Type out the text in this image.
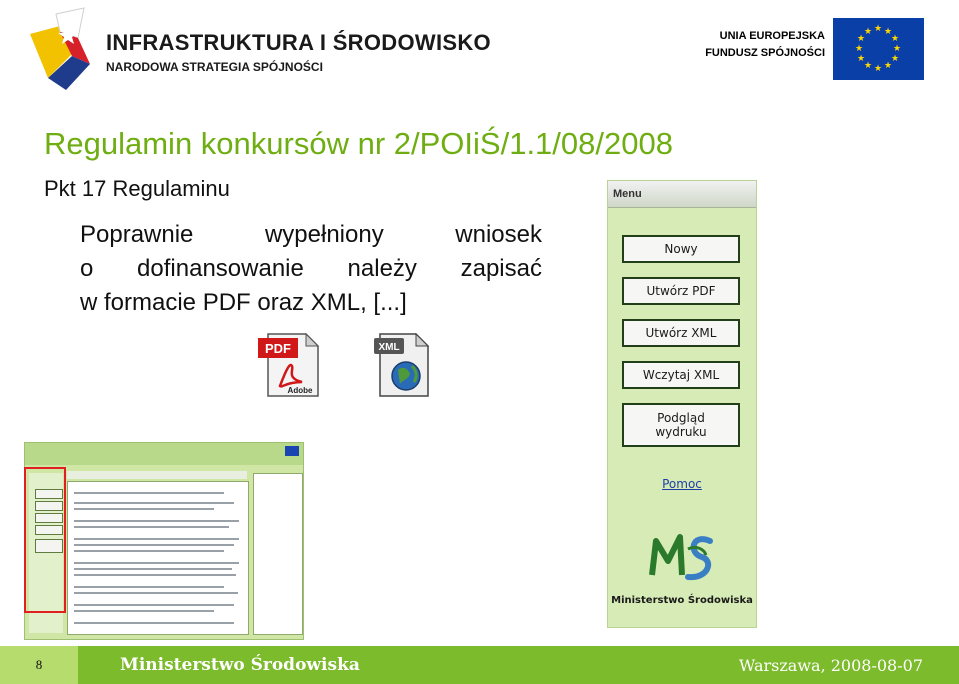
INFRASTRUKTURA I ŚRODOWISKO
NARODOWA STRATEGIA SPÓJNOŚCI
UNIA EUROPEJSKA
FUNDUSZ SPÓJNOŚCI
★ ★
★
★
★
★
★
★
★
★
★
★
Regulamin konkursów nr 2/POIiŚ/1.1/08/2008
Pkt 17 Regulaminu
Poprawnie wypełniony wniosek
o dofinansowanie należy zapisać
w formacie PDF oraz XML, [...]
PDF
Adobe
XML
Menu
Nowy
Utwórz PDF
Utwórz XML
Wczytaj XML
Podgląd wydruku
Pomoc
Ministerstwo Środowiska
8	Ministerstwo Środowiska	Warszawa, 2008-08-07
